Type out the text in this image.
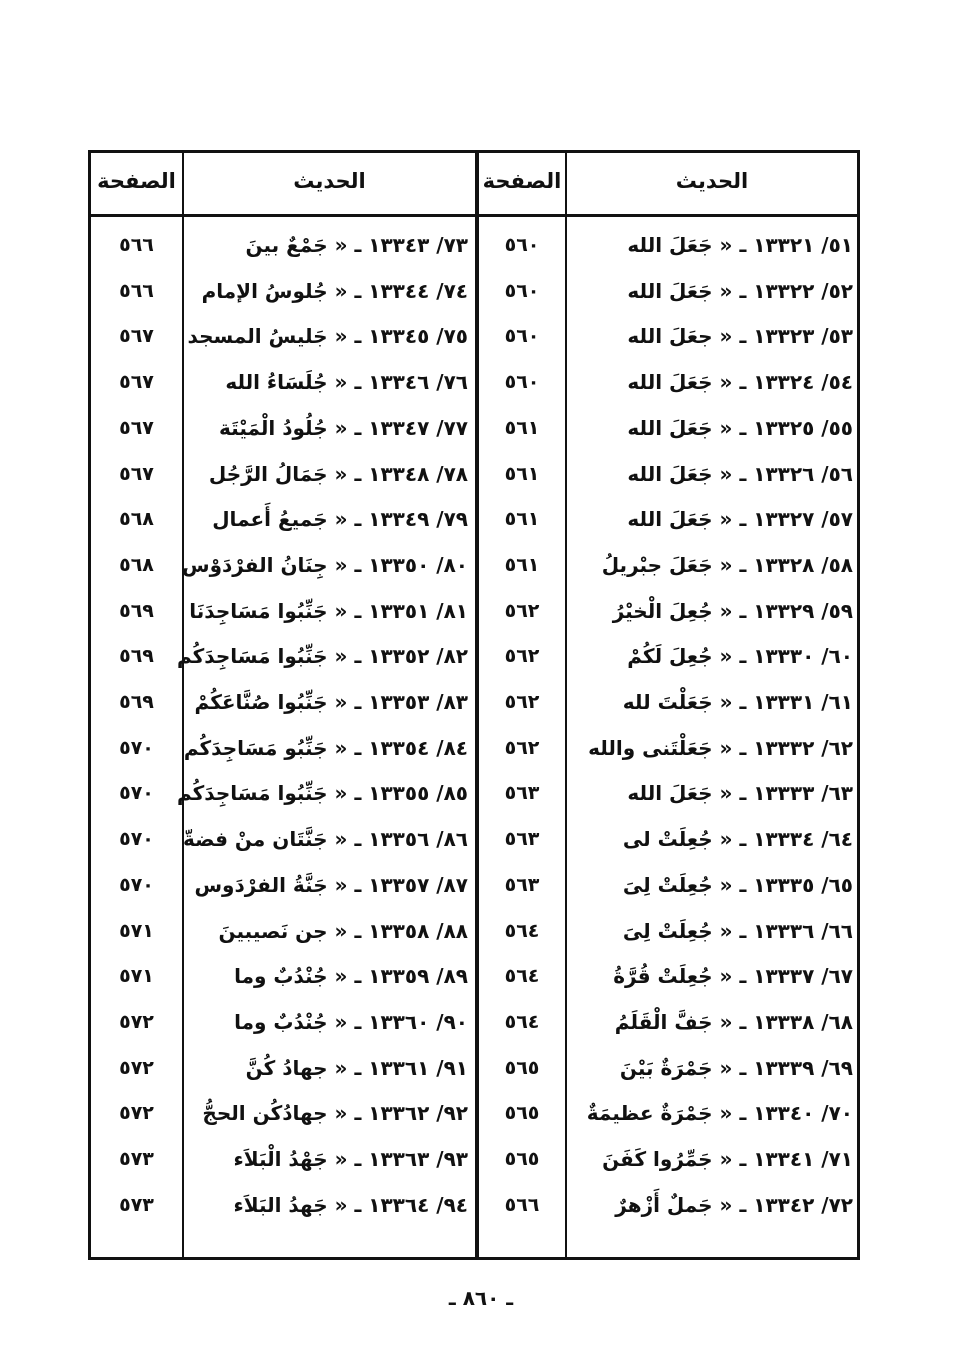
الحديث
الصفحة
الحديث
الصفحة
٥١/ ١٣٣٢١ ـ « جَعَلَ الله
٥٦٠
٥٢/ ١٣٣٢٢ ـ « جَعَلَ الله
٥٦٠
٥٣/ ١٣٣٢٣ ـ « جعَلَ الله
٥٦٠
٥٤/ ١٣٣٢٤ ـ « جَعَلَ الله
٥٦٠
٥٥/ ١٣٣٢٥ ـ « جَعَلَ الله
٥٦١
٥٦/ ١٣٣٢٦ ـ « جَعَلَ الله
٥٦١
٥٧/ ١٣٣٢٧ ـ « جَعَلَ الله
٥٦١
٥٨/ ١٣٣٢٨ ـ « جَعَلَ جبْريلُ
٥٦١
٥٩/ ١٣٣٢٩ ـ « جُعِلَ الْخيْرُ
٥٦٢
٦٠/ ١٣٣٣٠ ـ « جُعِلَ لَكُمْ
٥٦٢
٦١/ ١٣٣٣١ ـ « جَعَلْتَ لله
٥٦٢
٦٢/ ١٣٣٣٢ ـ « جَعَلْتَنى والله
٥٦٢
٦٣/ ١٣٣٣٣ ـ « جَعَلَ الله
٥٦٣
٦٤/ ١٣٣٣٤ ـ « جُعِلَتْ لى
٥٦٣
٦٥/ ١٣٣٣٥ ـ « جُعِلَتْ لِىَ
٥٦٣
٦٦/ ١٣٣٣٦ ـ « جُعِلَتْ لِىَ
٥٦٤
٦٧/ ١٣٣٣٧ ـ « جُعِلَتْ قُرَّةُ
٥٦٤
٦٨/ ١٣٣٣٨ ـ « جَفَّ الْقَلَمُ
٥٦٤
٦٩/ ١٣٣٣٩ ـ « جَمْرَةٌ بَيْنَ
٥٦٥
٧٠/ ١٣٣٤٠ ـ « جَمْرَةٌ عظيمَةٌ
٥٦٥
٧١/ ١٣٣٤١ ـ « جَمِّرُوا كَفَنَ
٥٦٥
٧٢/ ١٣٣٤٢ ـ « جَملٌ أَزْهرٌ
٥٦٦
٧٣/ ١٣٣٤٣ ـ « جَمْعٌ بينَ
٥٦٦
٧٤/ ١٣٣٤٤ ـ « جُلوسُ الإمام
٥٦٦
٧٥/ ١٣٣٤٥ ـ « جَليسُ المسجد
٥٦٧
٧٦/ ١٣٣٤٦ ـ « جُلَسَاءُ الله
٥٦٧
٧٧/ ١٣٣٤٧ ـ « جُلُودُ الْمَيْتَة
٥٦٧
٧٨/ ١٣٣٤٨ ـ « جَمَالُ الرَّجُل
٥٦٧
٧٩/ ١٣٣٤٩ ـ « جَميعُ أَعمال
٥٦٨
٨٠/ ١٣٣٥٠ ـ « جِنَانُ الفرْدَوْس
٥٦٨
٨١/ ١٣٣٥١ ـ « جَنِّبُوا مَسَاجِدَنَا
٥٦٩
٨٢/ ١٣٣٥٢ ـ « جَنِّبُوا مَسَاجِدَكُم
٥٦٩
٨٣/ ١٣٣٥٣ ـ « جَنِّبُوا صُنَّاعَكُمْ
٥٦٩
٨٤/ ١٣٣٥٤ ـ « جَنِّبُو مَسَاجِدَكُم
٥٧٠
٨٥/ ١٣٣٥٥ ـ « جَنِّبُوا مَسَاجِدَكُم
٥٧٠
٨٦/ ١٣٣٥٦ ـ « جَنَّتَان منْ فضةّ
٥٧٠
٨٧/ ١٣٣٥٧ ـ « جَنَّةُ الفرْدَوس
٥٧٠
٨٨/ ١٣٣٥٨ ـ « جن نَصيبينَ
٥٧١
٨٩/ ١٣٣٥٩ ـ « جُنْدُبٌ وما
٥٧١
٩٠/ ١٣٣٦٠ ـ « جُنْدُبٌ وما
٥٧٢
٩١/ ١٣٣٦١ ـ « جهادُ كُنَّ
٥٧٢
٩٢/ ١٣٣٦٢ ـ « جهادُكُن الحجُّ
٥٧٢
٩٣/ ١٣٣٦٣ ـ « جَهْدُ الْبَلاَء
٥٧٣
٩٤/ ١٣٣٦٤ ـ « جَهدُ البَلاَء
٥٧٣
ـ ٨٦٠ ـ
